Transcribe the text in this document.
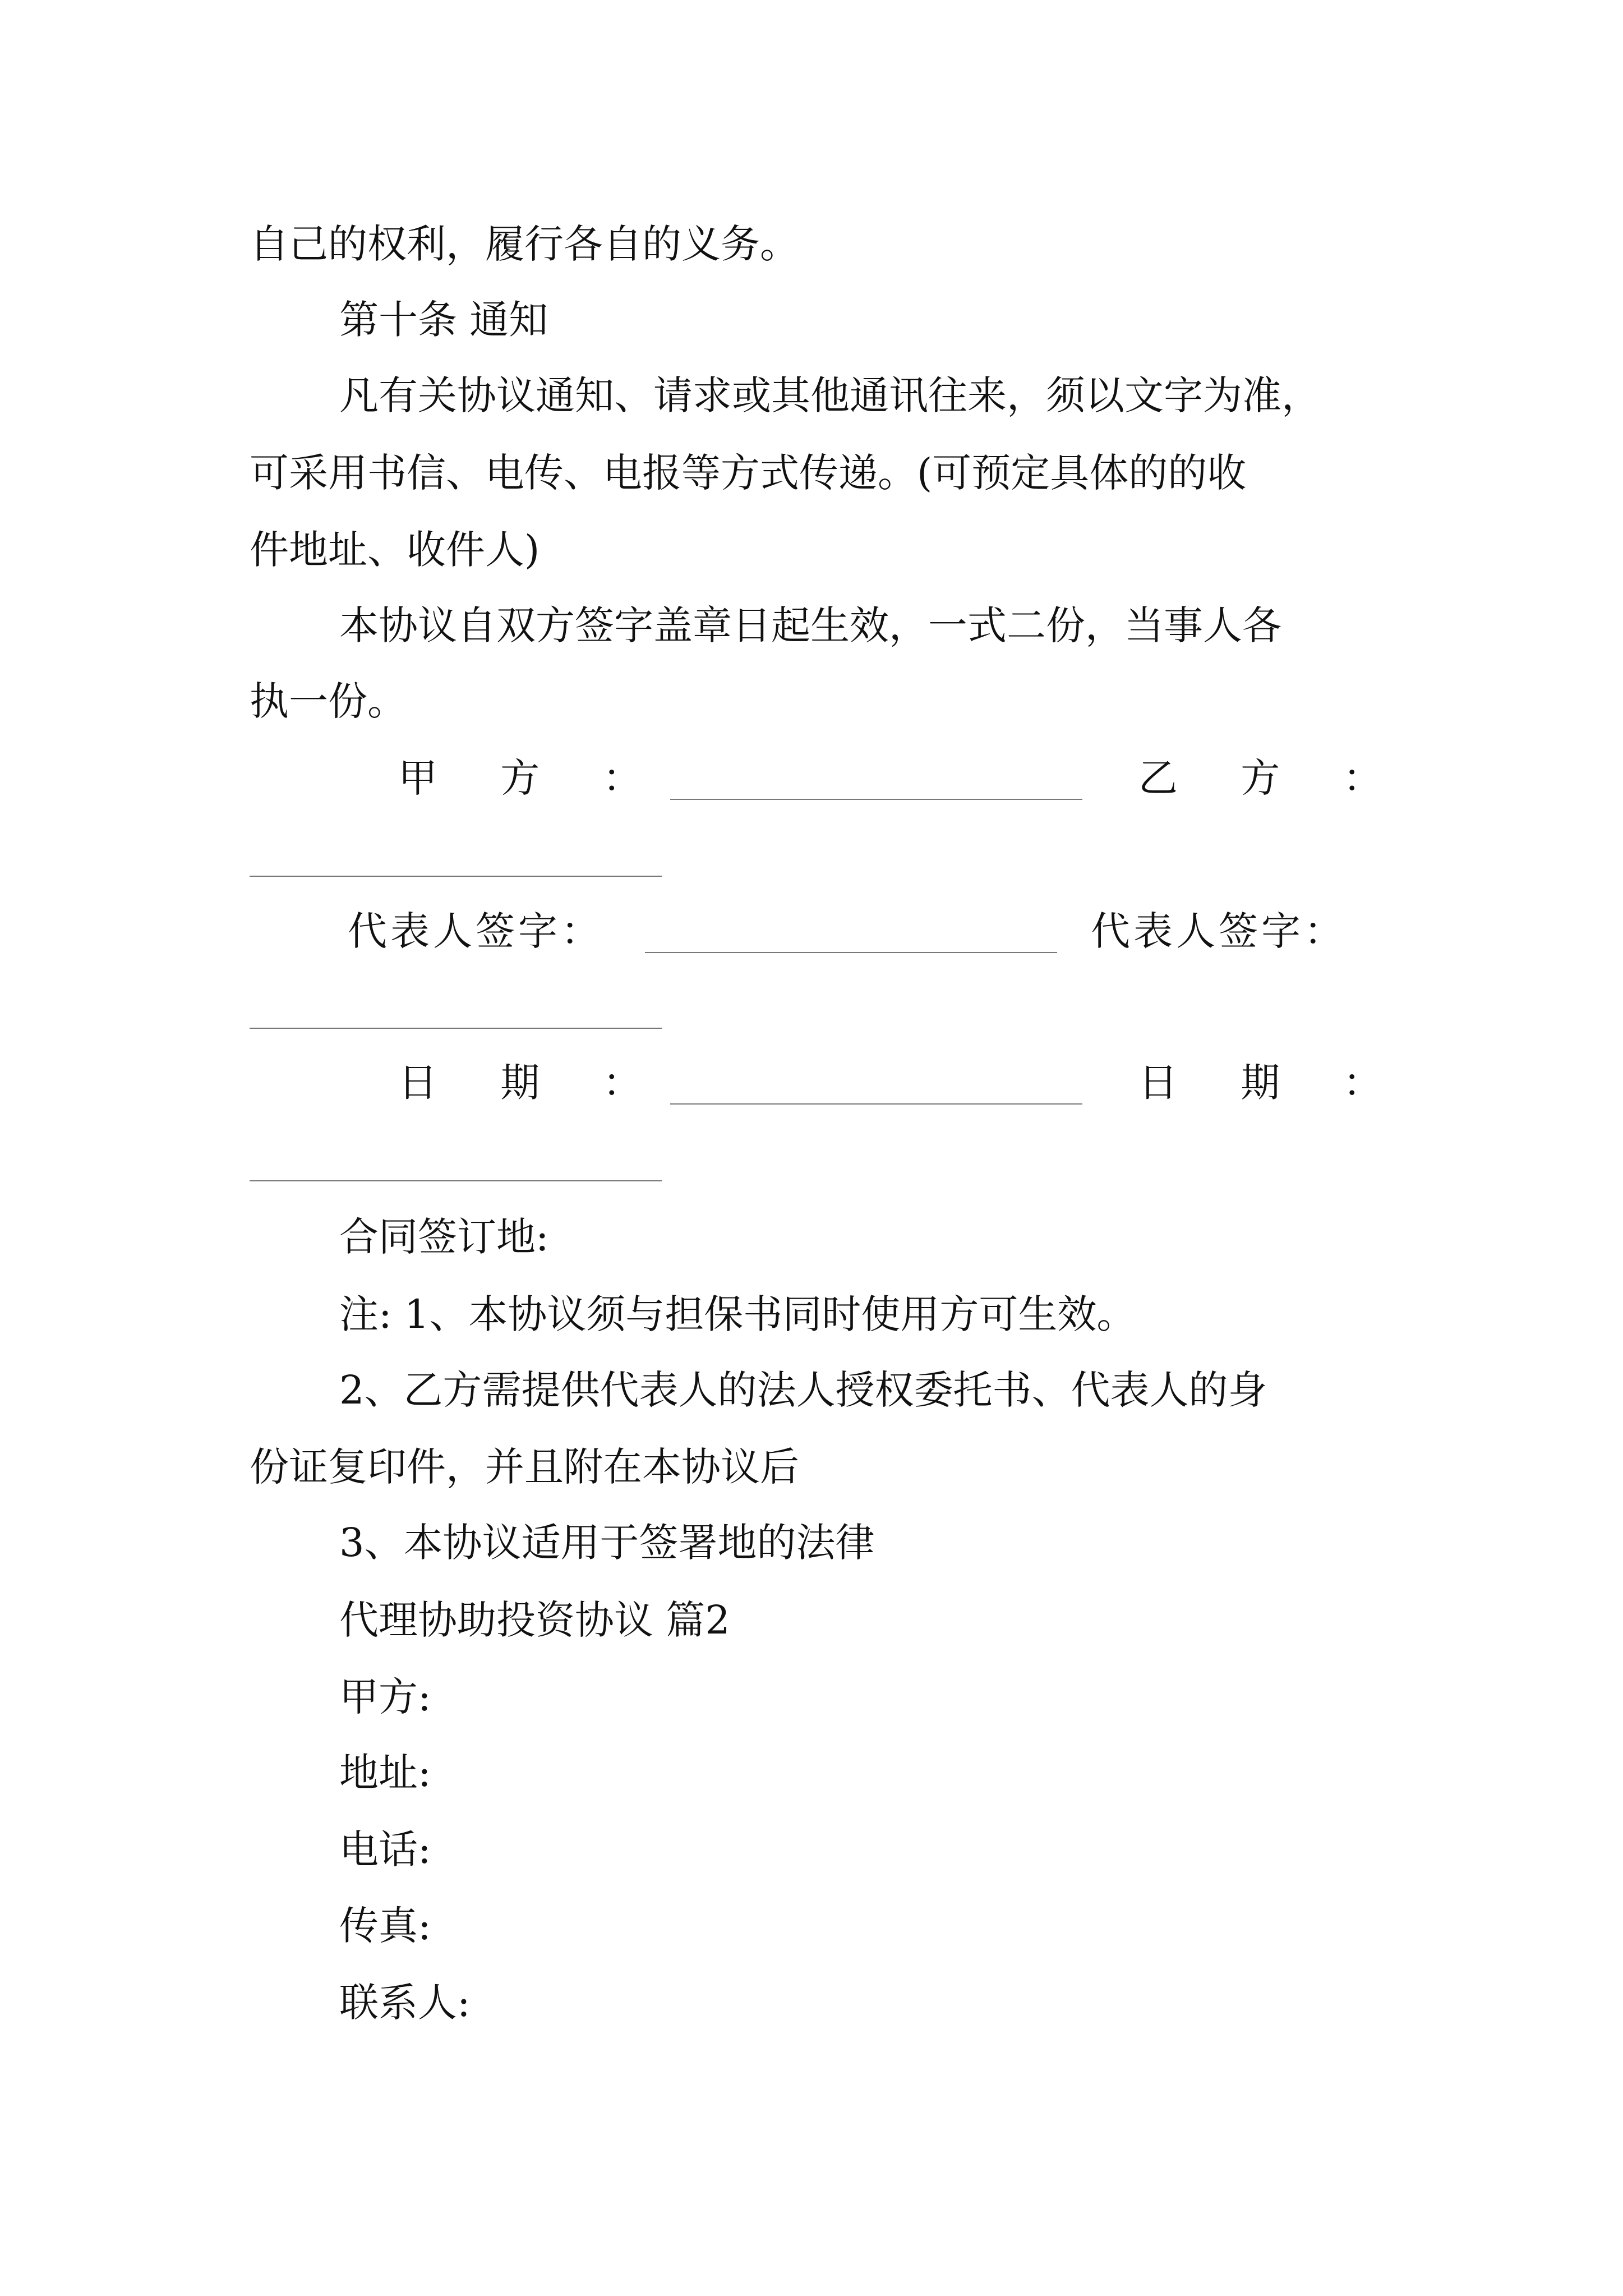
自己的权利，履行各自的义务。
第十条 通知
凡有关协议通知、请求或其他通讯往来，须以文字为准，
可采用书信、电传、电报等方式传递。(可预定具体的的收
件地址、收件人)
本协议自双方签字盖章日起生效，一式二份，当事人各
执一份。
甲 方 ：	乙 方 ：
代表人签字：	代表人签字：
日 期 ：	日 期 ：
合同签订地:
注: 1、本协议须与担保书同时使用方可生效。
2、乙方需提供代表人的法人授权委托书、代表人的身
份证复印件，并且附在本协议后
3、本协议适用于签署地的法律
代理协助投资协议 篇2
甲方:
地址:
电话:
传真:
联系人:
